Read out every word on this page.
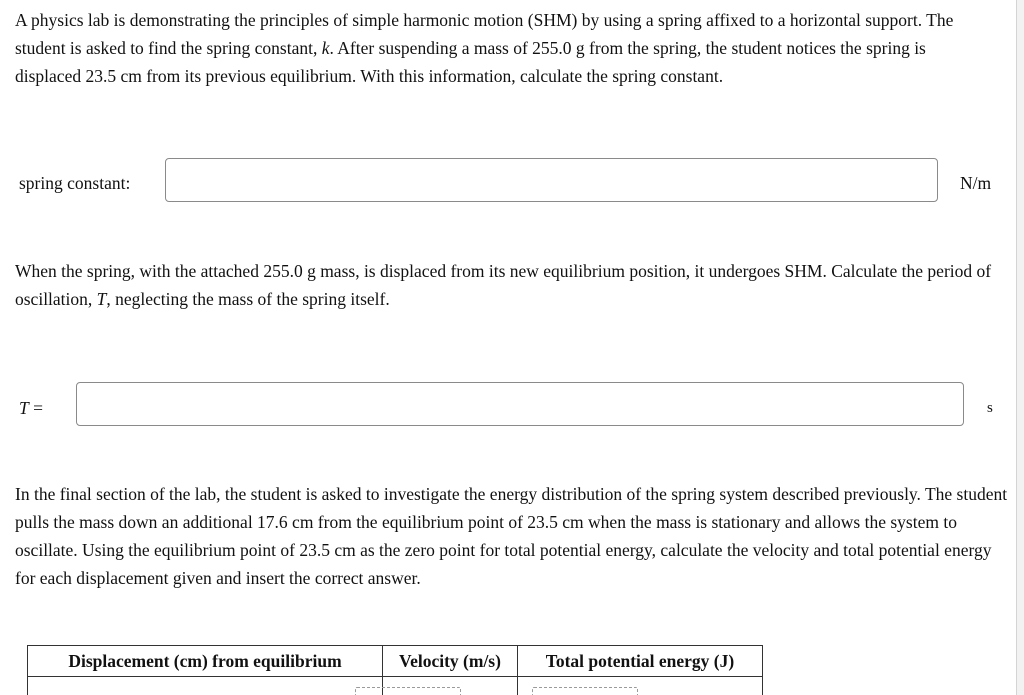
A physics lab is demonstrating the principles of simple harmonic motion (SHM) by using a spring affixed to a horizontal support. The student is asked to find the spring constant, k. After suspending a mass of 255.0 g from the spring, the student notices the spring is displaced 23.5 cm from its previous equilibrium. With this information, calculate the spring constant.

spring constant:	N/m

When the spring, with the attached 255.0 g mass, is displaced from its new equilibrium position, it undergoes SHM. Calculate the period of oscillation, T, neglecting the mass of the spring itself.

T =	s

In the final section of the lab, the student is asked to investigate the energy distribution of the spring system described previously. The student pulls the mass down an additional 17.6 cm from the equilibrium point of 23.5 cm when the mass is stationary and allows the system to oscillate. Using the equilibrium point of 23.5 cm as the zero point for total potential energy, calculate the velocity and total potential energy for each displacement given and insert the correct answer.

Displacement (cm) from equilibrium	Velocity (m/s)	Total potential energy (J)
